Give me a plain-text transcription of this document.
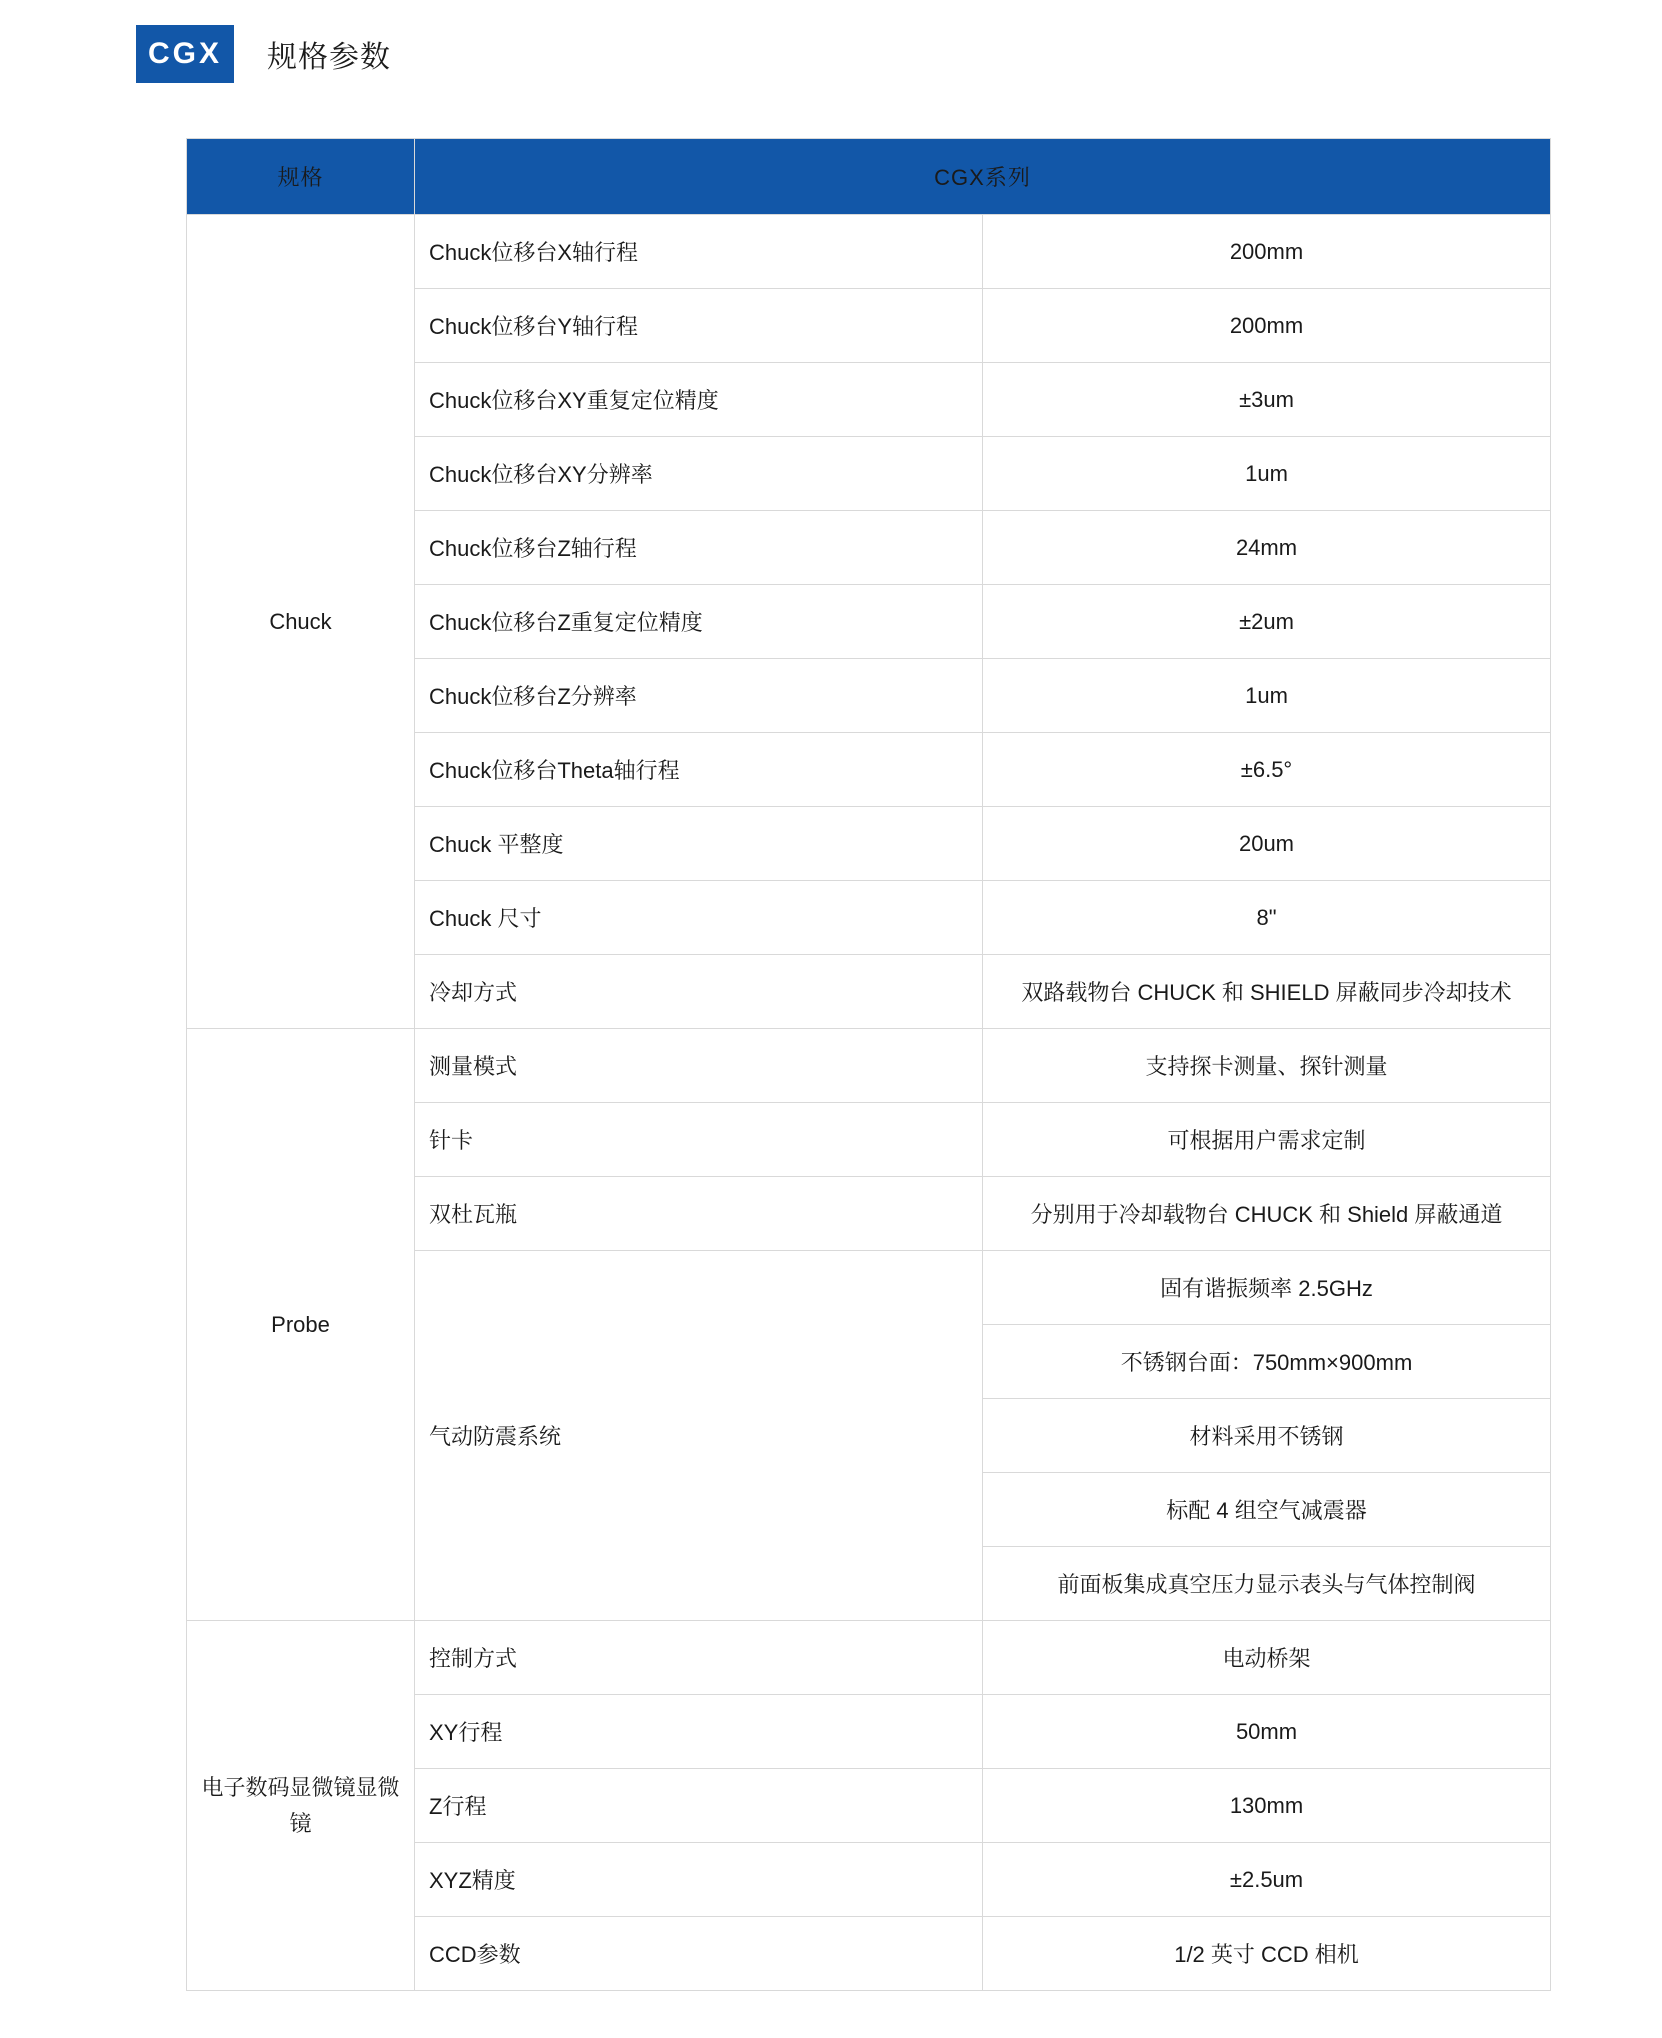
CGX	规格参数
规格	CGX系列	
Chuck	Chuck位移台X轴行程	200mm
	Chuck位移台Y轴行程	200mm
	Chuck位移台XY重复定位精度	±3um
	Chuck位移台XY分辨率	1um
	Chuck位移台Z轴行程	24mm
	Chuck位移台Z重复定位精度	±2um
	Chuck位移台Z分辨率	1um
	Chuck位移台Theta轴行程	±6.5°
	Chuck 平整度	20um
	Chuck 尺寸	8"
	冷却方式	双路载物台 CHUCK 和 SHIELD 屏蔽同步冷却技术
Probe	测量模式	支持探卡测量、探针测量
	针卡	可根据用户需求定制
	双杜瓦瓶	分别用于冷却载物台 CHUCK 和 Shield 屏蔽通道
	气动防震系统	固有谐振频率 2.5GHz
		不锈钢台面：750mm×900mm
		材料采用不锈钢
		标配 4 组空气减震器
		前面板集成真空压力显示表头与气体控制阀
电子数码显微镜显微镜	控制方式	电动桥架
	XY行程	50mm
	Z行程	130mm
	XYZ精度	±2.5um
	CCD参数	1/2 英寸 CCD 相机
